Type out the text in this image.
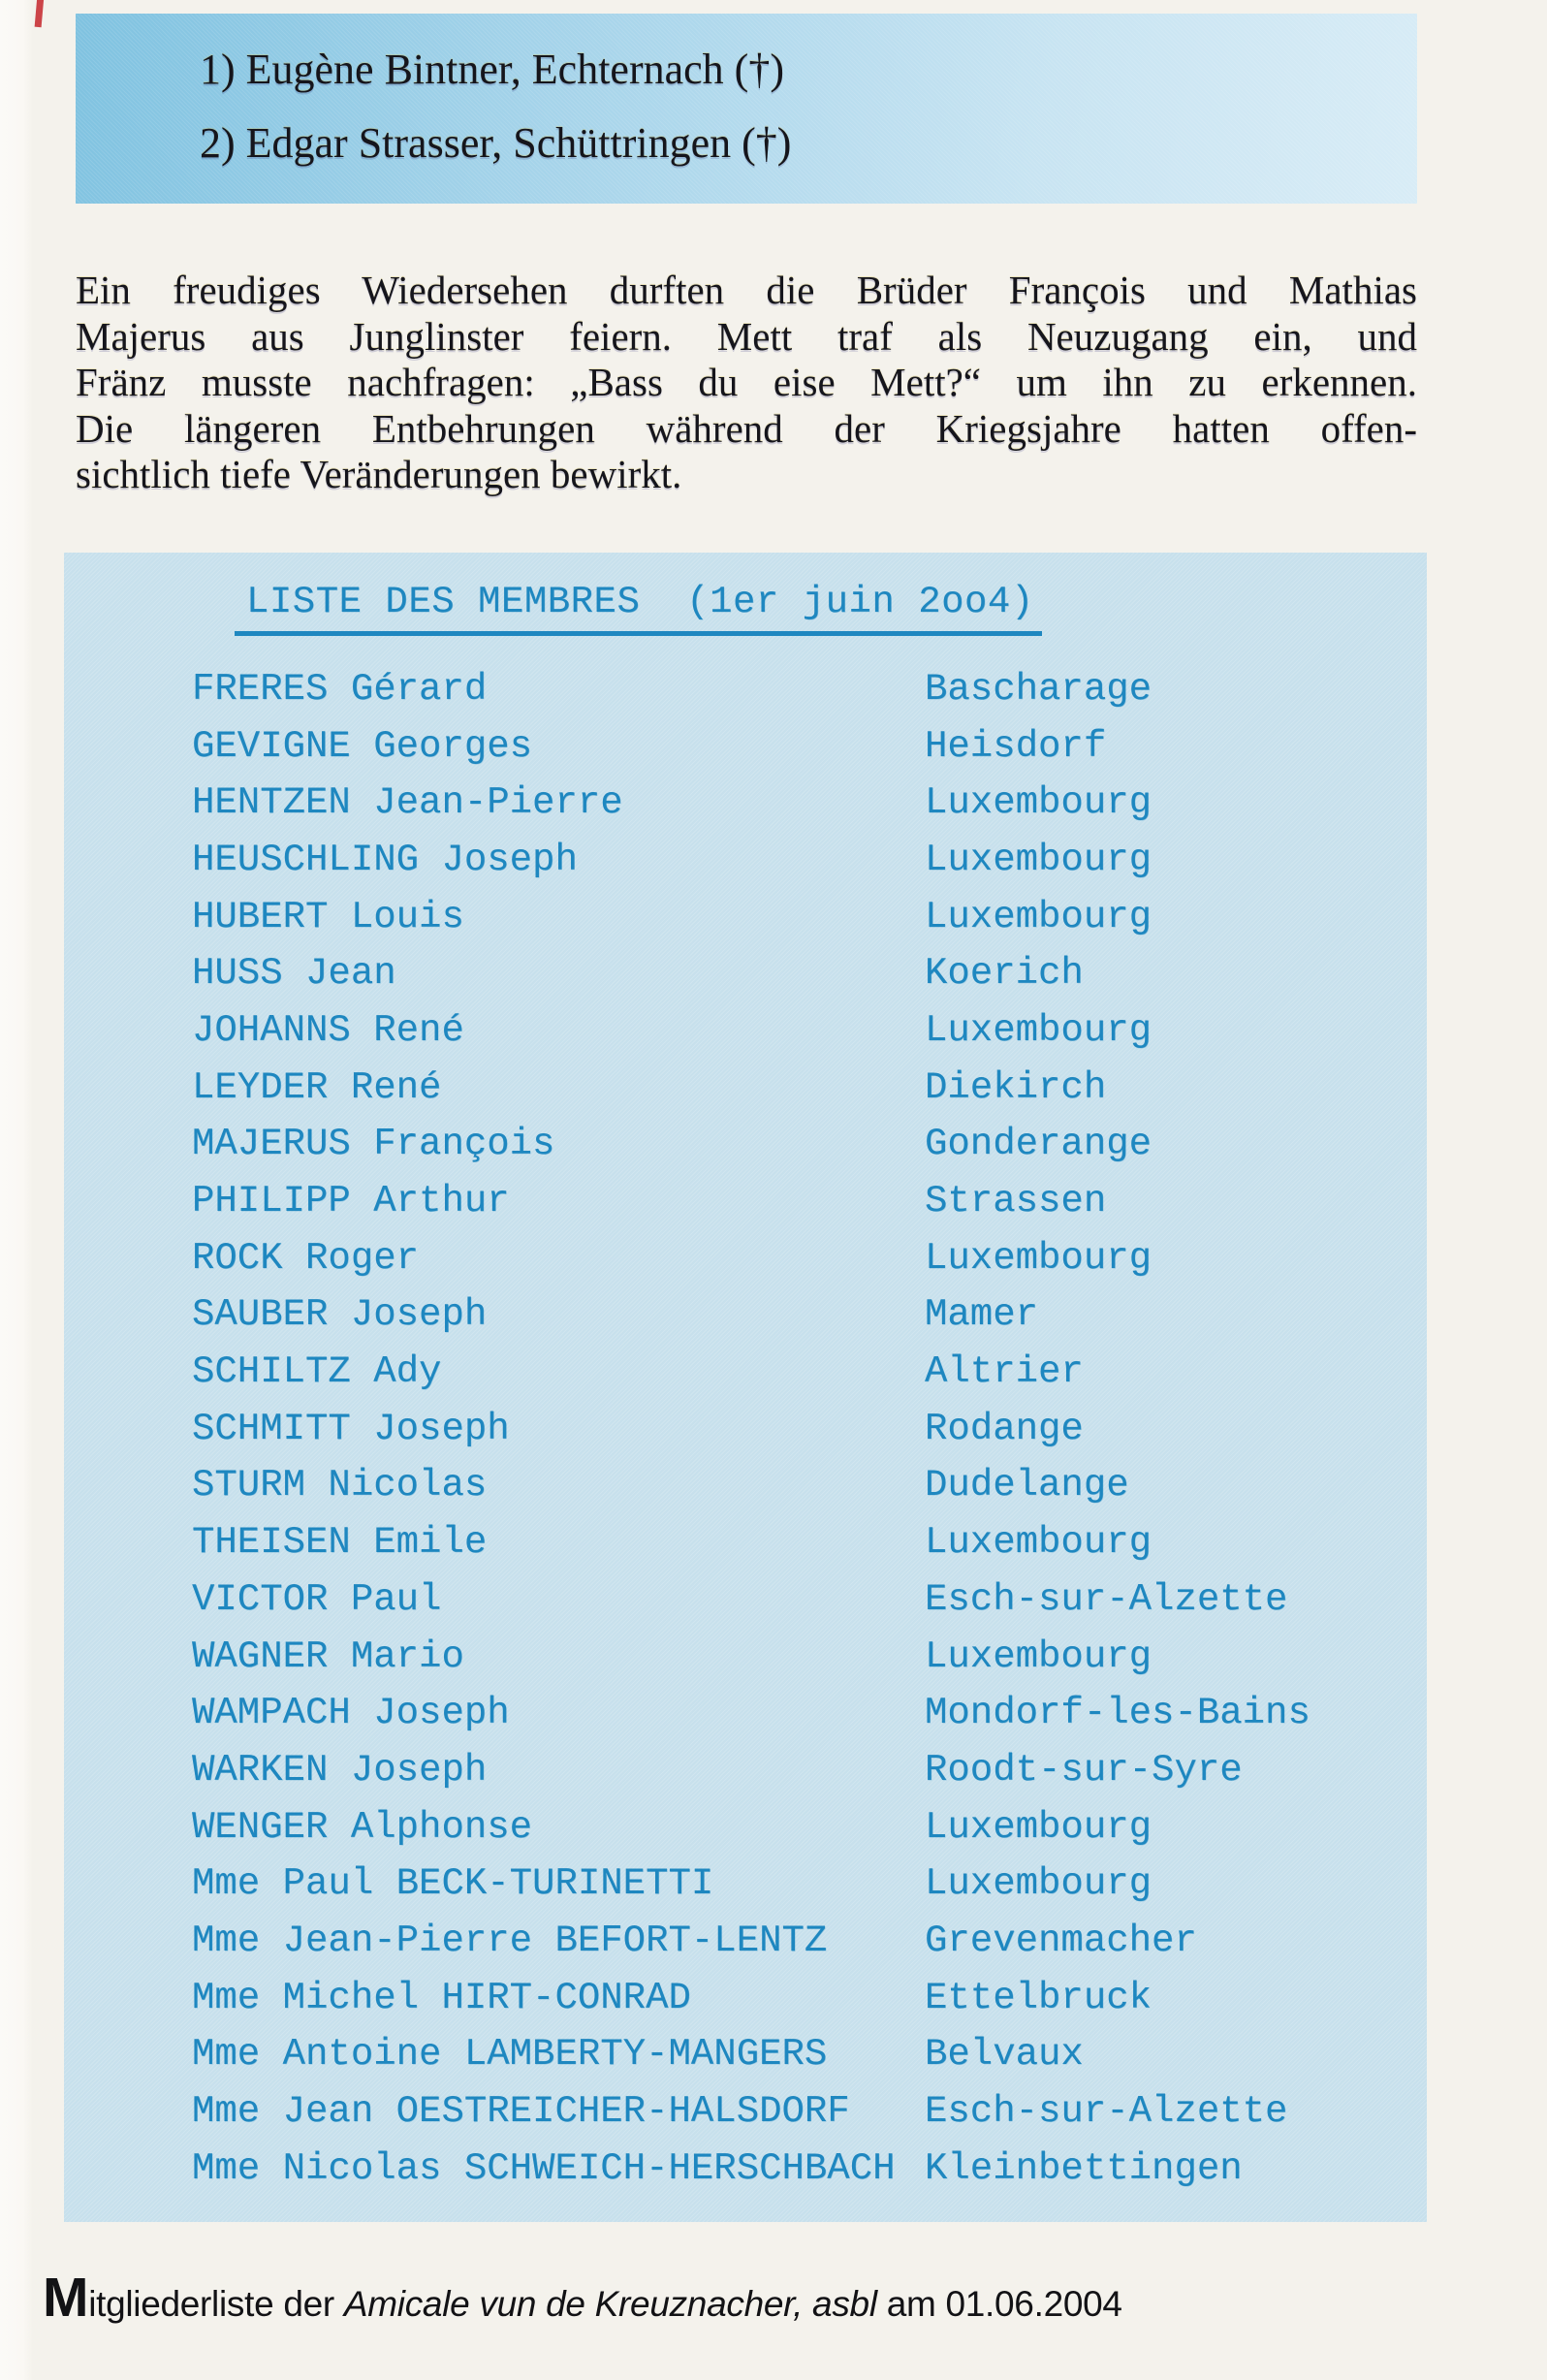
1) Eugène Bintner, Echternach (†)

2) Edgar Strasser, Schüttringen (†)

Ein freudiges Wiedersehen durften die Brüder François und Mathias
Majerus aus Junglinster feiern. Mett traf als Neuzugang ein, und
Fränz musste nachfragen: „Bass du eise Mett?“ um ihn zu erkennen.
Die längeren Entbehrungen während der Kriegsjahre hatten offen-
sichtlich tiefe Veränderungen bewirkt.
LISTE DES MEMBRES  (1er juin 2oo4)
FRERES Gérard	Bascharage
GEVIGNE Georges	Heisdorf
HENTZEN Jean-Pierre	Luxembourg
HEUSCHLING Joseph	Luxembourg
HUBERT Louis	Luxembourg
HUSS Jean	Koerich
JOHANNS René	Luxembourg
LEYDER René	Diekirch
MAJERUS François	Gonderange
PHILIPP Arthur	Strassen
ROCK Roger	Luxembourg
SAUBER Joseph	Mamer
SCHILTZ Ady	Altrier
SCHMITT Joseph	Rodange
STURM Nicolas	Dudelange
THEISEN Emile	Luxembourg
VICTOR Paul	Esch-sur-Alzette
WAGNER Mario	Luxembourg
WAMPACH Joseph	Mondorf-les-Bains
WARKEN Joseph	Roodt-sur-Syre
WENGER Alphonse	Luxembourg
Mme Paul BECK-TURINETTI	Luxembourg
Mme Jean-Pierre BEFORT-LENTZ	Grevenmacher
Mme Michel HIRT-CONRAD	Ettelbruck
Mme Antoine LAMBERTY-MANGERS	Belvaux
Mme Jean OESTREICHER-HALSDORF	Esch-sur-Alzette
Mme Nicolas SCHWEICH-HERSCHBACH Kleinbettingen

Mitgliederliste der Amicale vun de Kreuznacher, asbl am 01.06.2004
